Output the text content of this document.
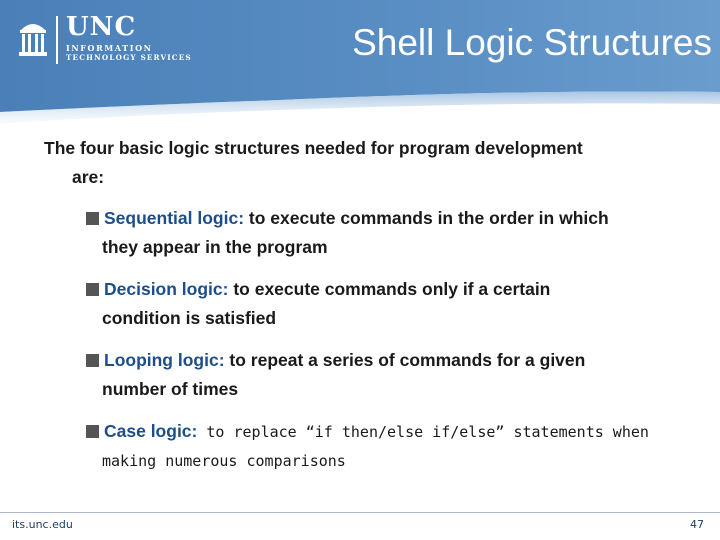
UNC
INFORMATION
TECHNOLOGY SERVICES	Shell Logic Structures
The four basic logic structures needed for program development
are:
Sequential logic: to execute commands in the order in which
they appear in the program
Decision logic: to execute commands only if a certain
condition is satisfied
Looping logic: to repeat a series of commands for a given
number of times
Case logic: to replace “if then/else if/else” statements when
making numerous comparisons
its.unc.edu	47
